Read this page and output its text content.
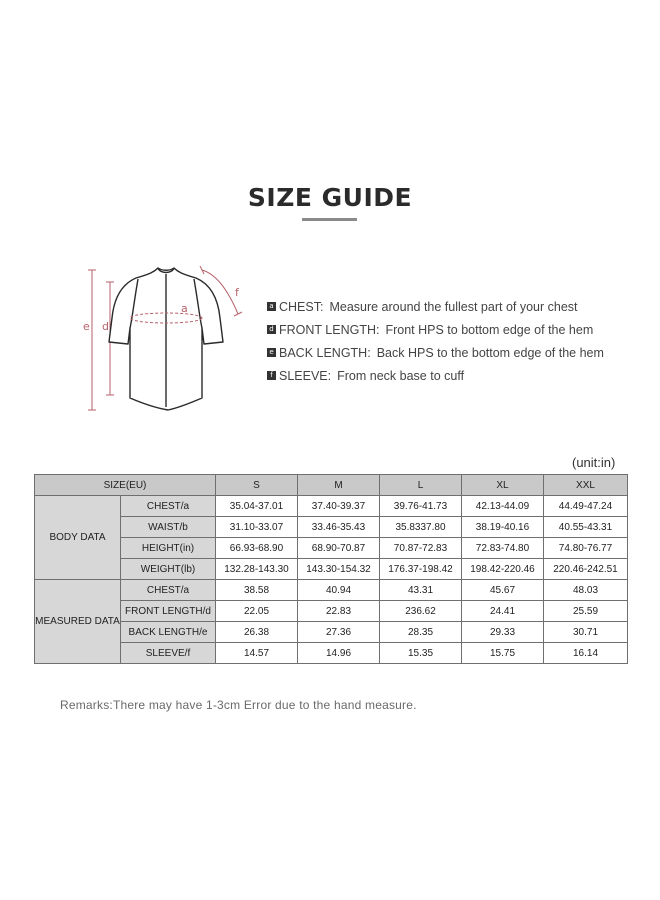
SIZE GUIDE
e d
a
f
a CHEST: Measure around the fullest part of your chest
d FRONT LENGTH: Front HPS to bottom edge of the hem
e BACK LENGTH: Back HPS to the bottom edge of the hem
f SLEEVE: From neck base to cuff
(unit:in)
SIZE(EU)		S	M	L	XL	XXL
BODY DATA	CHEST/a	35.04-37.01	37.40-39.37	39.76-41.73	42.13-44.09	44.49-47.24
	WAIST/b	31.10-33.07	33.46-35.43	35.8337.80	38.19-40.16	40.55-43.31
	HEIGHT(in)	66.93-68.90	68.90-70.87	70.87-72.83	72.83-74.80	74.80-76.77
	WEIGHT(lb)	132.28-143.30	143.30-154.32	176.37-198.42	198.42-220.46	220.46-242.51
MEASURED DATA	CHEST/a	38.58	40.94	43.31	45.67	48.03
	FRONT LENGTH/d	22.05	22.83	236.62	24.41	25.59
	BACK LENGTH/e	26.38	27.36	28.35	29.33	30.71
	SLEEVE/f	14.57	14.96	15.35	15.75	16.14
Remarks:There may have 1-3cm Error due to the hand measure.
